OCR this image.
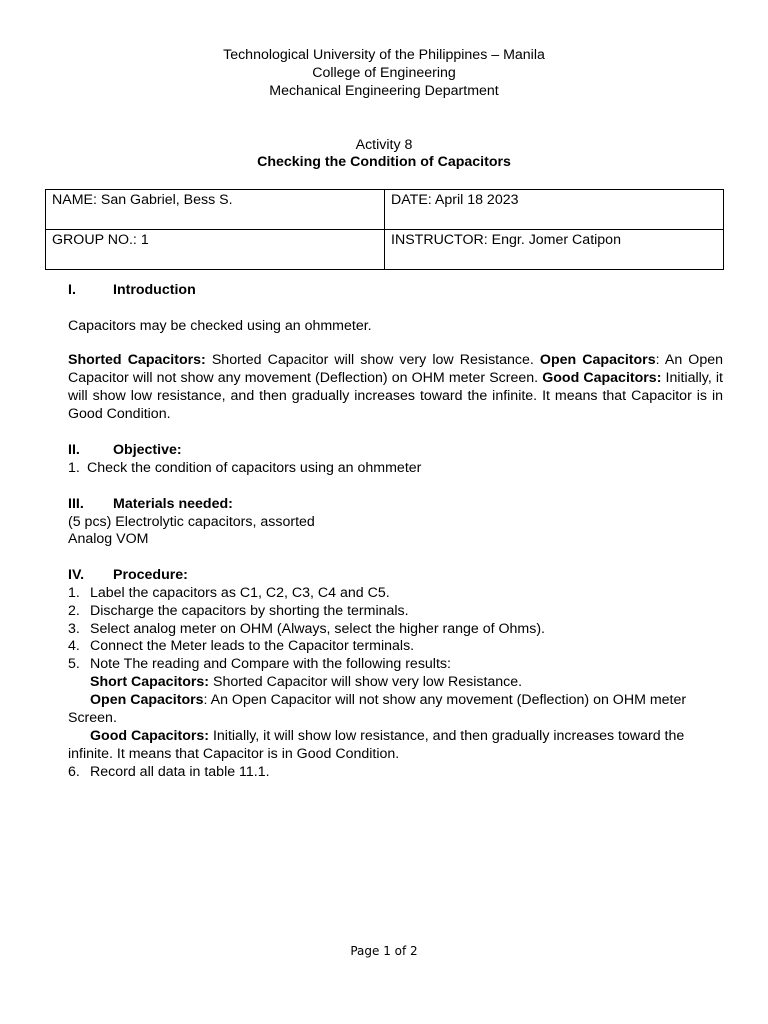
Technological University of the Philippines – Manila
College of Engineering
Mechanical Engineering Department
Activity 8
Checking the Condition of Capacitors
NAME: San Gabriel, Bess S.	DATE: April 18 2023
GROUP NO.: 1	INSTRUCTOR: Engr. Jomer Catipon
I.	Introduction
Capacitors may be checked using an ohmmeter.
Shorted Capacitors: Shorted Capacitor will show very low Resistance. Open Capacitors: An Open Capacitor will not show any movement (Deflection) on OHM meter Screen. Good Capacitors: Initially, it will show low resistance, and then gradually increases toward the infinite. It means that Capacitor is in Good Condition.
II. Objective:
1. Check the condition of capacitors using an ohmmeter
III. Materials needed:
(5 pcs) Electrolytic capacitors, assorted
Analog VOM
IV. Procedure:
1. Label the capacitors as C1, C2, C3, C4 and C5.
2. Discharge the capacitors by shorting the terminals.
3. Select analog meter on OHM (Always, select the higher range of Ohms).
4. Connect the Meter leads to the Capacitor terminals.
5. Note The reading and Compare with the following results:
Short Capacitors: Shorted Capacitor will show very low Resistance.
Open Capacitors: An Open Capacitor will not show any movement (Deflection) on OHM meter Screen.
Good Capacitors: Initially, it will show low resistance, and then gradually increases toward the infinite. It means that Capacitor is in Good Condition.
6. Record all data in table 11.1.
Page 1 of 2
